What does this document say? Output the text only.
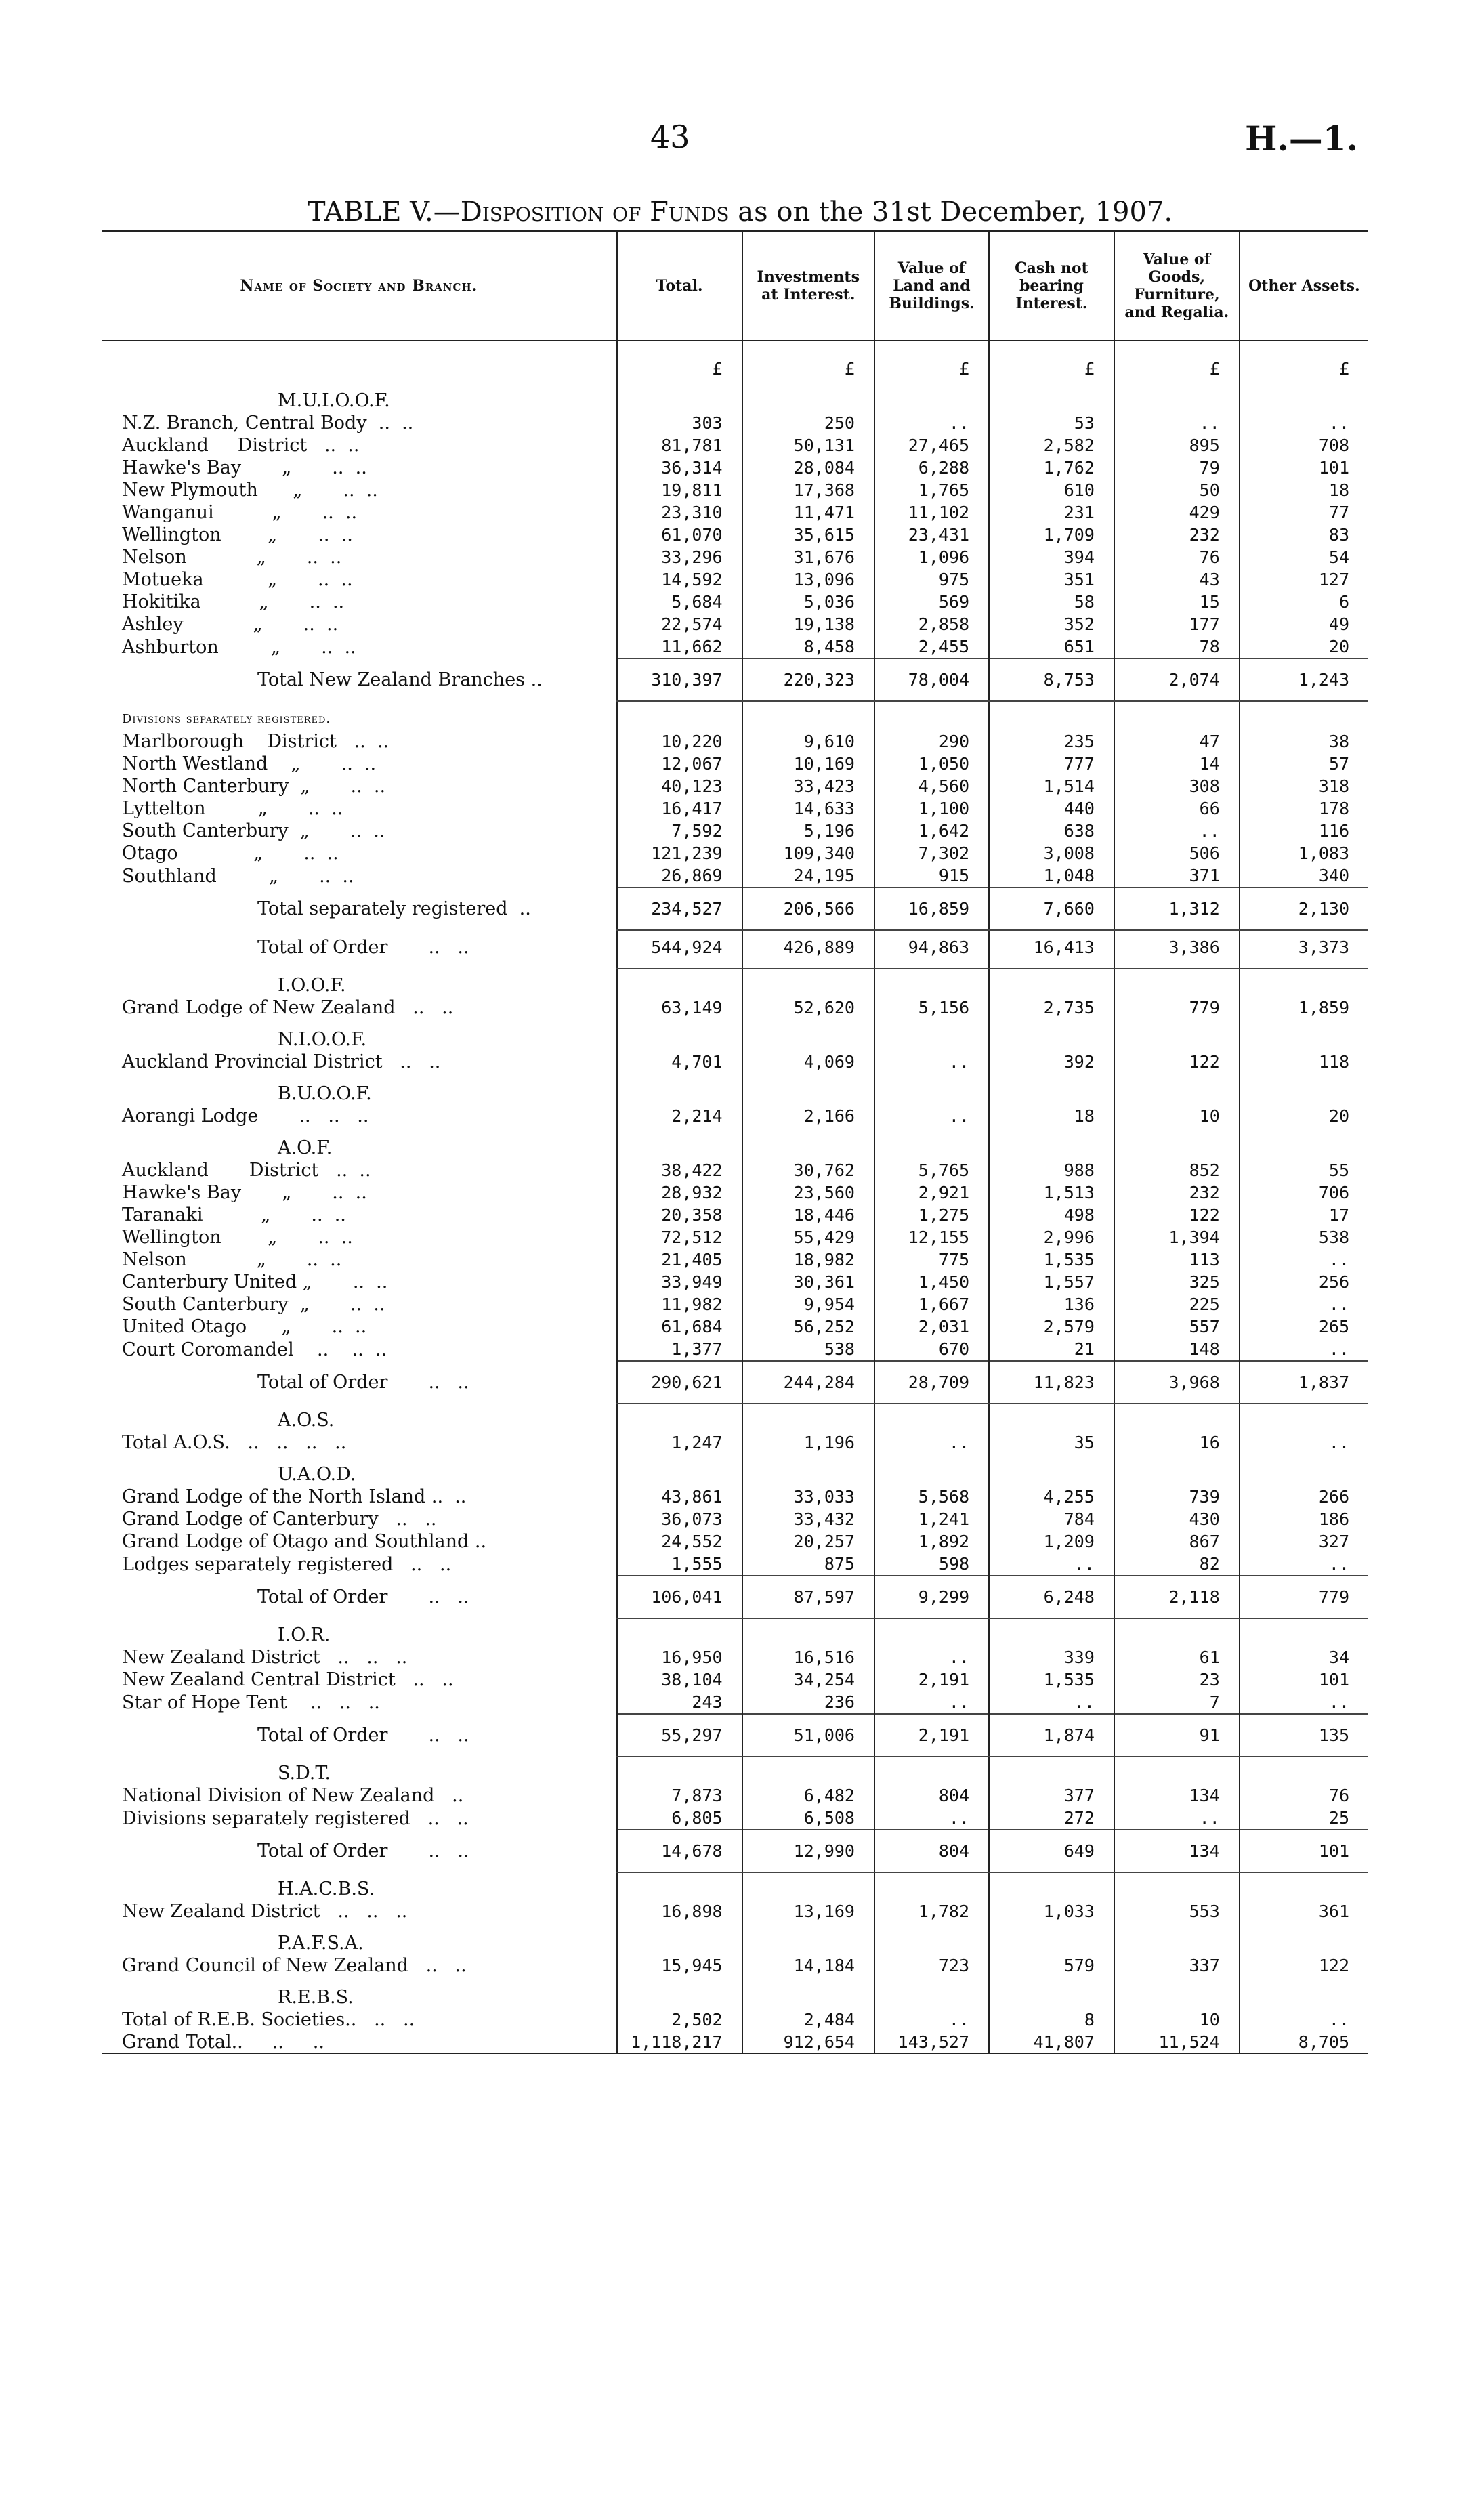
43	H.—1.
TABLE V.—Disposition of Funds as on the 31st December, 1907.
Name of Society and Branch.	Total.	Investments at Interest.	Value of Land and Buildings.	Cash not bearing Interest.	Value of Goods, Furniture, and Regalia.	Other Assets.
	£	£	£	£	£	£
M.U.I.O.O.F.						
N.Z. Branch, Central Body  ..  ..	303	250	..	53	..	..
Auckland     District   ..  ..	81,781	50,131	27,465	2,582	895	708
Hawke's Bay       „       ..  ..	36,314	28,084	6,288	1,762	79	101
New Plymouth      „       ..  ..	19,811	17,368	1,765	610	50	18
Wanganui          „       ..  ..	23,310	11,471	11,102	231	429	77
Wellington        „       ..  ..	61,070	35,615	23,431	1,709	232	83
Nelson            „       ..  ..	33,296	31,676	1,096	394	76	54
Motueka           „       ..  ..	14,592	13,096	975	351	43	127
Hokitika          „       ..  ..	5,684	5,036	569	58	15	6
Ashley            „       ..  ..	22,574	19,138	2,858	352	177	49
Ashburton         „       ..  ..	11,662	8,458	2,455	651	78	20
Total New Zealand Branches ..	310,397	220,323	78,004	8,753	2,074	1,243
Divisions separately registered.						
Marlborough    District   ..  ..	10,220	9,610	290	235	47	38
North Westland    „       ..  ..	12,067	10,169	1,050	777	14	57
North Canterbury  „       ..  ..	40,123	33,423	4,560	1,514	308	318
Lyttelton         „       ..  ..	16,417	14,633	1,100	440	66	178
South Canterbury  „       ..  ..	7,592	5,196	1,642	638	..	116
Otago             „       ..  ..	121,239	109,340	7,302	3,008	506	1,083
Southland         „       ..  ..	26,869	24,195	915	1,048	371	340
Total separately registered  ..	234,527	206,566	16,859	7,660	1,312	2,130
Total of Order       ..   ..	544,924	426,889	94,863	16,413	3,386	3,373
I.O.O.F.						
Grand Lodge of New Zealand   ..   ..	63,149	52,620	5,156	2,735	779	1,859
N.I.O.O.F.						
Auckland Provincial District   ..   ..	4,701	4,069	..	392	122	118
B.U.O.O.F.						
Aorangi Lodge       ..   ..   ..	2,214	2,166	..	18	10	20
A.O.F.						
Auckland       District   ..  ..	38,422	30,762	5,765	988	852	55
Hawke's Bay       „       ..  ..	28,932	23,560	2,921	1,513	232	706
Taranaki          „       ..  ..	20,358	18,446	1,275	498	122	17
Wellington        „       ..  ..	72,512	55,429	12,155	2,996	1,394	538
Nelson            „       ..  ..	21,405	18,982	775	1,535	113	..
Canterbury United „       ..  ..	33,949	30,361	1,450	1,557	325	256
South Canterbury  „       ..  ..	11,982	9,954	1,667	136	225	..
United Otago      „       ..  ..	61,684	56,252	2,031	2,579	557	265
Court Coromandel    ..    ..  ..	1,377	538	670	21	148	..
Total of Order       ..   ..	290,621	244,284	28,709	11,823	3,968	1,837
A.O.S.						
Total A.O.S.   ..   ..   ..   ..	1,247	1,196	..	35	16	..
U.A.O.D.						
Grand Lodge of the North Island ..  ..	43,861	33,033	5,568	4,255	739	266
Grand Lodge of Canterbury   ..   ..	36,073	33,432	1,241	784	430	186
Grand Lodge of Otago and Southland ..	24,552	20,257	1,892	1,209	867	327
Lodges separately registered   ..   ..	1,555	875	598	..	82	..
Total of Order       ..   ..	106,041	87,597	9,299	6,248	2,118	779
I.O.R.						
New Zealand District   ..   ..   ..	16,950	16,516	..	339	61	34
New Zealand Central District   ..   ..	38,104	34,254	2,191	1,535	23	101
Star of Hope Tent    ..   ..   ..	243	236	..	..	7	..
Total of Order       ..   ..	55,297	51,006	2,191	1,874	91	135
S.D.T.						
National Division of New Zealand   ..	7,873	6,482	804	377	134	76
Divisions separately registered   ..   ..	6,805	6,508	..	272	..	25
Total of Order       ..   ..	14,678	12,990	804	649	134	101
H.A.C.B.S.						
New Zealand District   ..   ..   ..	16,898	13,169	1,782	1,033	553	361
P.A.F.S.A.						
Grand Council of New Zealand   ..   ..	15,945	14,184	723	579	337	122
R.E.B.S.						
Total of R.E.B. Societies..   ..   ..	2,502	2,484	..	8	10	..
Grand Total..     ..     ..	1,118,217	912,654	143,527	41,807	11,524	8,705
